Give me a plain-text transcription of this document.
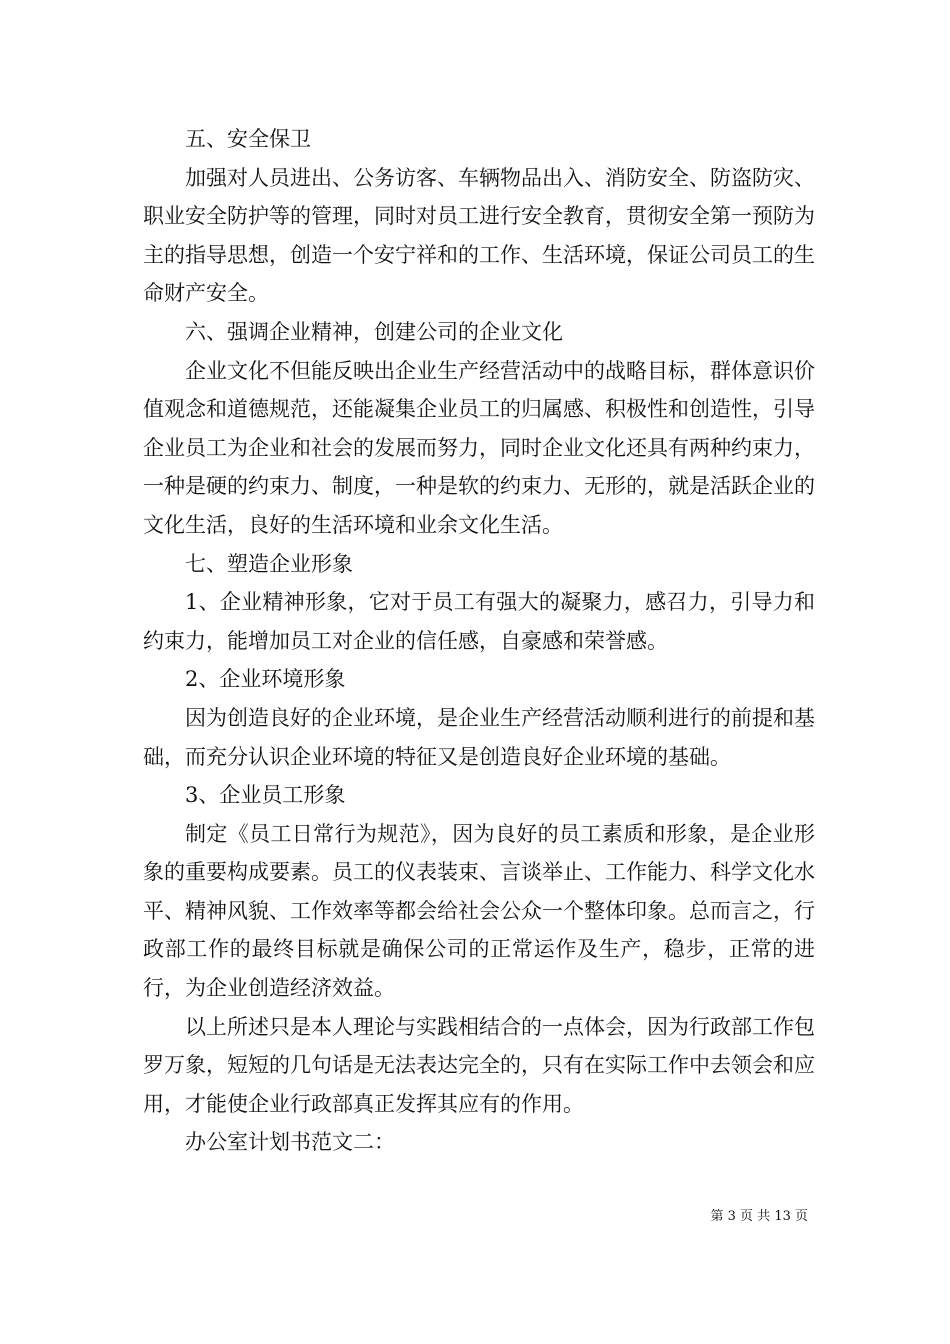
五、安全保卫

加强对人员进出、公务访客、车辆物品出入、消防安全、防盗防灾、职业安全防护等的管理，同时对员工进行安全教育，贯彻安全第一预防为主的指导思想，创造一个安宁祥和的工作、生活环境，保证公司员工的生命财产安全。

六、强调企业精神，创建公司的企业文化

企业文化不但能反映出企业生产经营活动中的战略目标，群体意识价值观念和道德规范，还能凝集企业员工的归属感、积极性和创造性，引导企业员工为企业和社会的发展而努力，同时企业文化还具有两种约束力，一种是硬的约束力、制度，一种是软的约束力、无形的，就是活跃企业的文化生活，良好的生活环境和业余文化生活。

七、塑造企业形象

1、企业精神形象，它对于员工有强大的凝聚力，感召力，引导力和约束力，能增加员工对企业的信任感，自豪感和荣誉感。

2、企业环境形象

因为创造良好的企业环境，是企业生产经营活动顺利进行的前提和基础，而充分认识企业环境的特征又是创造良好企业环境的基础。

3、企业员工形象

制定《员工日常行为规范》，因为良好的员工素质和形象，是企业形象的重要构成要素。员工的仪表装束、言谈举止、工作能力、科学文化水平、精神风貌、工作效率等都会给社会公众一个整体印象。总而言之，行政部工作的最终目标就是确保公司的正常运作及生产，稳步，正常的进行，为企业创造经济效益。

以上所述只是本人理论与实践相结合的一点体会，因为行政部工作包罗万象，短短的几句话是无法表达完全的，只有在实际工作中去领会和应用，才能使企业行政部真正发挥其应有的作用。

办公室计划书范文二：

第 3 页 共 13 页
